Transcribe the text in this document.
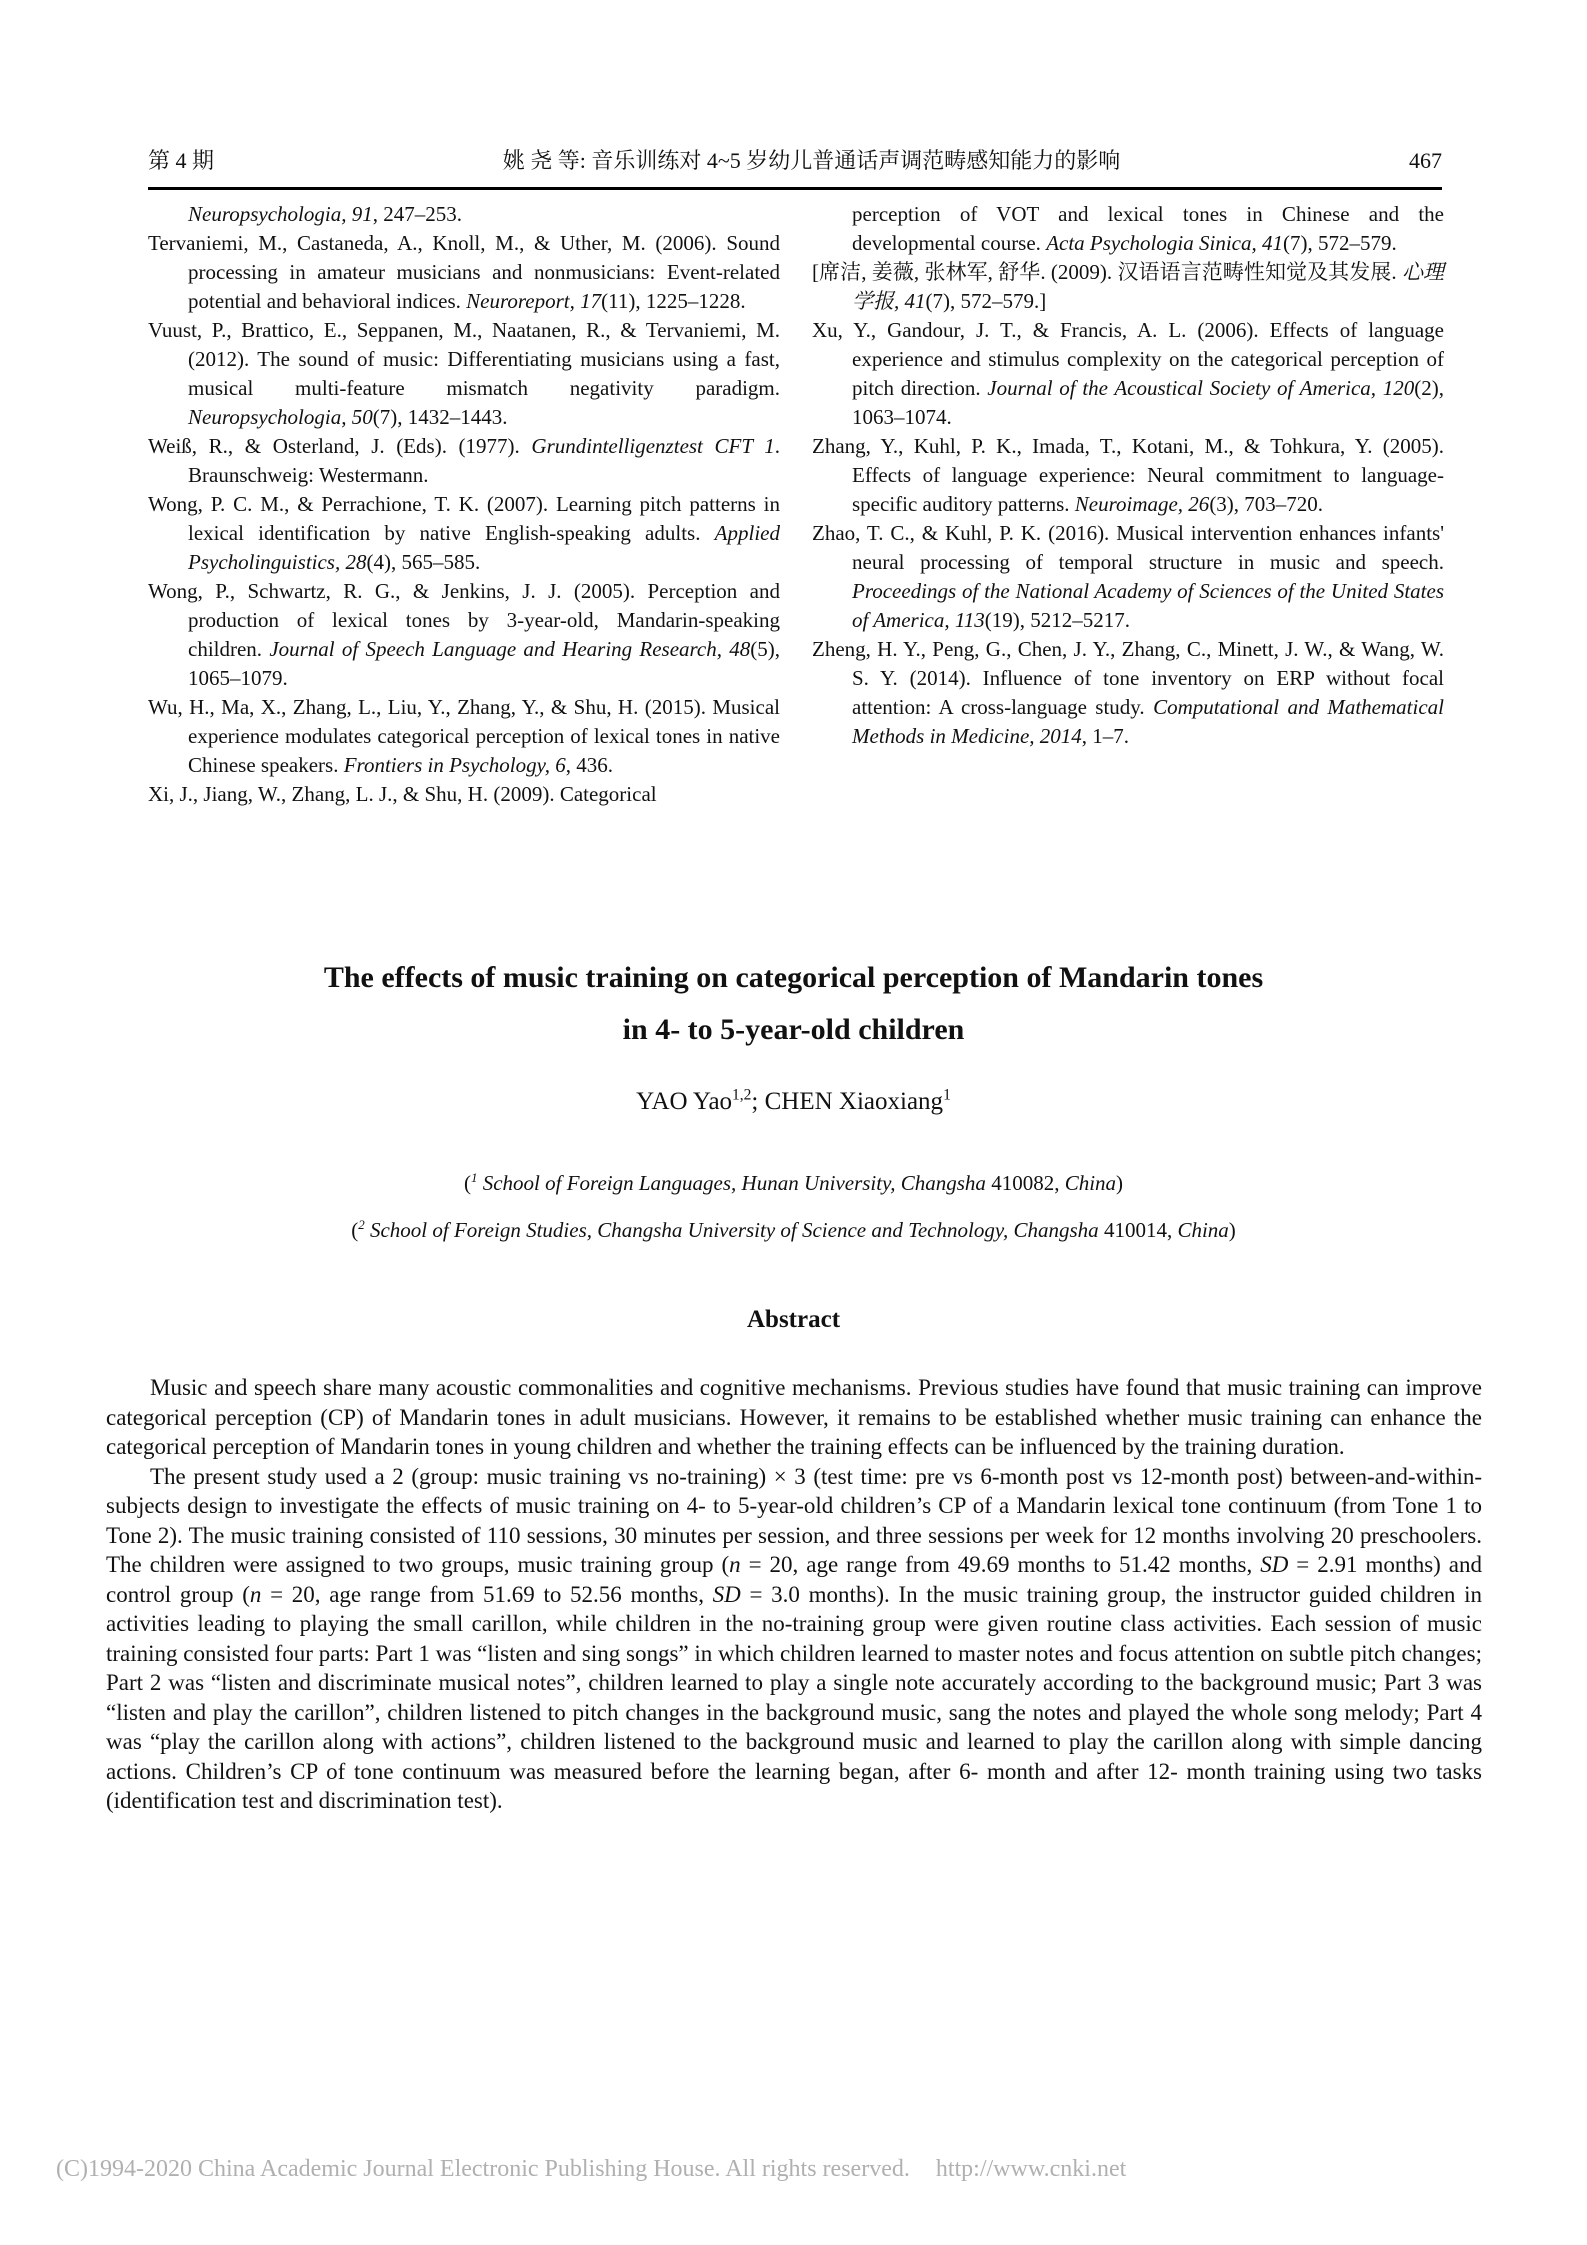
第 4 期	姚 尧 等: 音乐训练对 4~5 岁幼儿普通话声调范畴感知能力的影响	467

Neuropsychologia, 91, 247–253.

Tervaniemi, M., Castaneda, A., Knoll, M., & Uther, M. (2006). Sound processing in amateur musicians and nonmusicians: Event-related potential and behavioral indices. Neuroreport, 17(11), 1225–1228.

Vuust, P., Brattico, E., Seppanen, M., Naatanen, R., & Tervaniemi, M. (2012). The sound of music: Differentiating musicians using a fast, musical multi-feature mismatch negativity paradigm. Neuropsychologia, 50(7), 1432–1443.

Weiß, R., & Osterland, J. (Eds). (1977). Grundintelligenztest CFT 1. Braunschweig: Westermann.

Wong, P. C. M., & Perrachione, T. K. (2007). Learning pitch patterns in lexical identification by native English-speaking adults. Applied Psycholinguistics, 28(4), 565–585.

Wong, P., Schwartz, R. G., & Jenkins, J. J. (2005). Perception and production of lexical tones by 3-year-old, Mandarin-speaking children. Journal of Speech Language and Hearing Research, 48(5), 1065–1079.

Wu, H., Ma, X., Zhang, L., Liu, Y., Zhang, Y., & Shu, H. (2015). Musical experience modulates categorical perception of lexical tones in native Chinese speakers. Frontiers in Psychology, 6, 436.

Xi, J., Jiang, W., Zhang, L. J., & Shu, H. (2009). Categorical

perception of VOT and lexical tones in Chinese and the developmental course. Acta Psychologia Sinica, 41(7), 572–579.

[席洁, 姜薇, 张林军, 舒华. (2009). 汉语语言范畴性知觉及其发展. 心理学报, 41(7), 572–579.]

Xu, Y., Gandour, J. T., & Francis, A. L. (2006). Effects of language experience and stimulus complexity on the categorical perception of pitch direction. Journal of the Acoustical Society of America, 120(2), 1063–1074.

Zhang, Y., Kuhl, P. K., Imada, T., Kotani, M., & Tohkura, Y. (2005). Effects of language experience: Neural commitment to language-specific auditory patterns. Neuroimage, 26(3), 703–720.

Zhao, T. C., & Kuhl, P. K. (2016). Musical intervention enhances infants' neural processing of temporal structure in music and speech. Proceedings of the National Academy of Sciences of the United States of America, 113(19), 5212–5217.

Zheng, H. Y., Peng, G., Chen, J. Y., Zhang, C., Minett, J. W., & Wang, W. S. Y. (2014). Influence of tone inventory on ERP without focal attention: A cross-language study. Computational and Mathematical Methods in Medicine, 2014, 1–7.

The effects of music training on categorical perception of Mandarin tones
in 4- to 5-year-old children
YAO Yao$^{1,2}$; CHEN Xiaoxiang$^1$
($^1$ School of Foreign Languages, Hunan University, Changsha 410082, China)
($^2$ School of Foreign Studies, Changsha University of Science and Technology, Changsha 410014, China)
Abstract

Music and speech share many acoustic commonalities and cognitive mechanisms. Previous studies have found that music training can improve categorical perception (CP) of Mandarin tones in adult musicians. However, it remains to be established whether music training can enhance the categorical perception of Mandarin tones in young children and whether the training effects can be influenced by the training duration.

The present study used a 2 (group: music training vs no-training) × 3 (test time: pre vs 6-month post vs 12-month post) between-and-within-subjects design to investigate the effects of music training on 4- to 5-year-old children’s CP of a Mandarin lexical tone continuum (from Tone 1 to Tone 2). The music training consisted of 110 sessions, 30 minutes per session, and three sessions per week for 12 months involving 20 preschoolers. The children were assigned to two groups, music training group (n = 20, age range from 49.69 months to 51.42 months, SD = 2.91 months) and control group (n = 20, age range from 51.69 to 52.56 months, SD = 3.0 months). In the music training group, the instructor guided children in activities leading to playing the small carillon, while children in the no-training group were given routine class activities. Each session of music training consisted four parts: Part 1 was “listen and sing songs” in which children learned to master notes and focus attention on subtle pitch changes; Part 2 was “listen and discriminate musical notes”, children learned to play a single note accurately according to the background music; Part 3 was “listen and play the carillon”, children listened to pitch changes in the background music, sang the notes and played the whole song melody; Part 4 was “play the carillon along with actions”, children listened to the background music and learned to play the carillon along with simple dancing actions. Children’s CP of tone continuum was measured before the learning began, after 6- month and after 12- month training using two tasks (identification test and discrimination test).

(C)1994-2020 China Academic Journal Electronic Publishing House. All rights reserved. http://www.cnki.net
